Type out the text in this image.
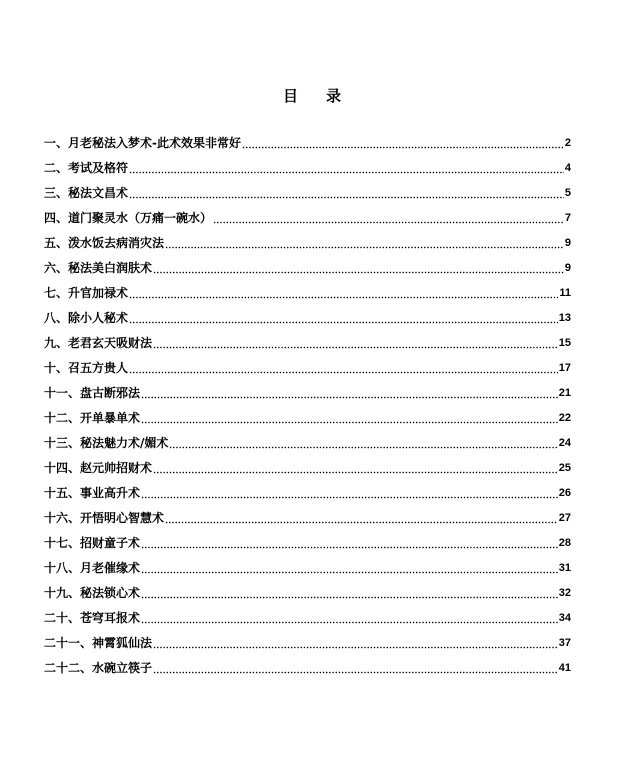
目录
一、月老秘法入梦术-此术效果非常好	2
二、考试及格符	4
三、秘法文昌术	5
四、道门聚灵水（万痛一碗水）	7
五、泼水饭去病消灾法	9
六、秘法美白润肤术	9
七、升官加禄术	11
八、除小人秘术	13
九、老君玄天吸财法	15
十、召五方贵人	17
十一、盘古断邪法	21
十二、开单暴单术	22
十三、秘法魅力术/媚术	24
十四、赵元帅招财术	25
十五、事业高升术	26
十六、开悟明心智慧术	27
十七、招财童子术	28
十八、月老催缘术	31
十九、秘法锁心术	32
二十、苍穹耳报术	34
二十一、神霄狐仙法	37
二十二、水碗立筷子	41
